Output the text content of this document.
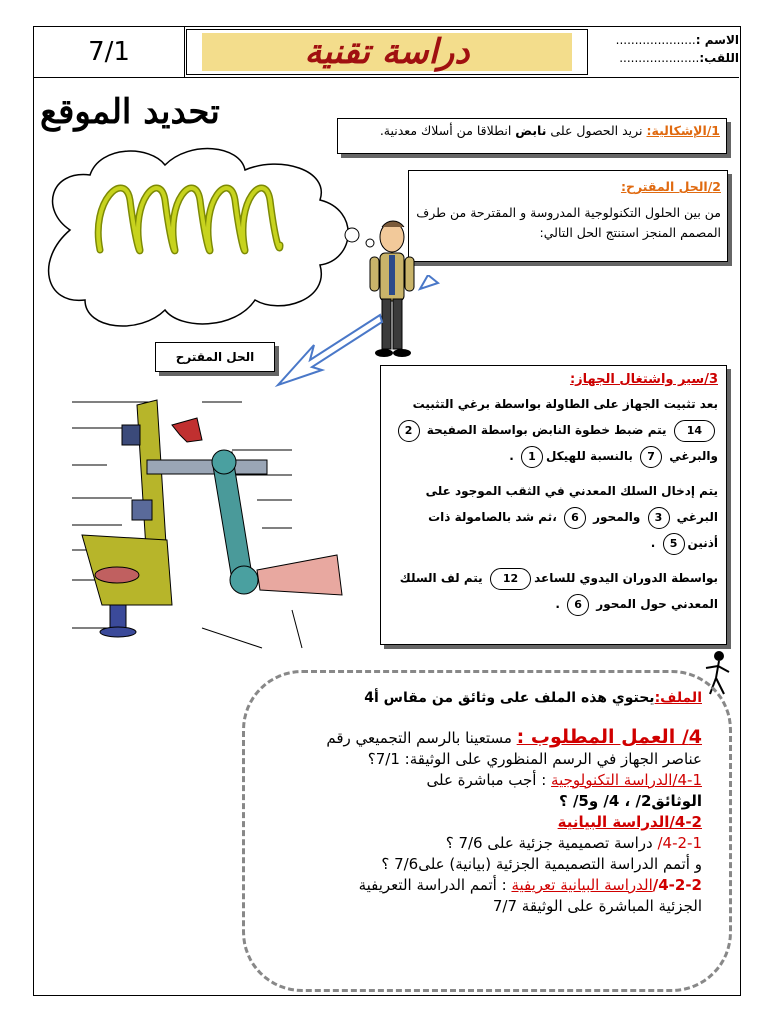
7/1	دراسة تقنية	الاسم :.....................
اللقب:.....................
تحديد الموقع	1/الإشكالية: نريد الحصول على نابض انطلاقا من أسلاك معدنية.
2/الحل المقترح:
من بين الحلول التكنولوجية المدروسة و المقترحة من طرف المصمم المنجز استنتج الحل التالي:
الحل المقترح
3/سير واشتغال الجهاز:

بعد تثبيت الجهاز على الطاولة بواسطة برغي التثبيت
14 يتم ضبط خطوة النابض بواسطة الصفيحة 2
والبرغي 7 بالنسبة للهيكل1 .

يتم إدخال السلك المعدني في الثقب الموجود على
البرغي 3 والمحور 6 ،ثم شد بالصامولة ذات
أذنين5 .

بواسطة الدوران اليدوي للساعد12 يتم لف السلك
المعدني حول المحور 6 .

الملف:يحتوي هذه الملف على وثائق من مقاس أ4
4/ العمل المطلوب : مستعينا بالرسم التجميعي رقم
عناصر الجهاز في الرسم المنظوري على الوثيقة: 7/1؟
4-1/الدراسة التكنولوجية : أجب مباشرة على
الوثائق2/ ، 4/ و5/ ؟
4-2/الدراسة البيانية
4-2-1/ دراسة تصميمية جزئية على 7/6 ؟
و أتمم الدراسة التصميمية الجزئية (بيانية) على7/6 ؟
4-2-2/الدراسة البيانية تعريفية : أتمم الدراسة التعريفية
الجزئية المباشرة على الوثيقة 7/7
